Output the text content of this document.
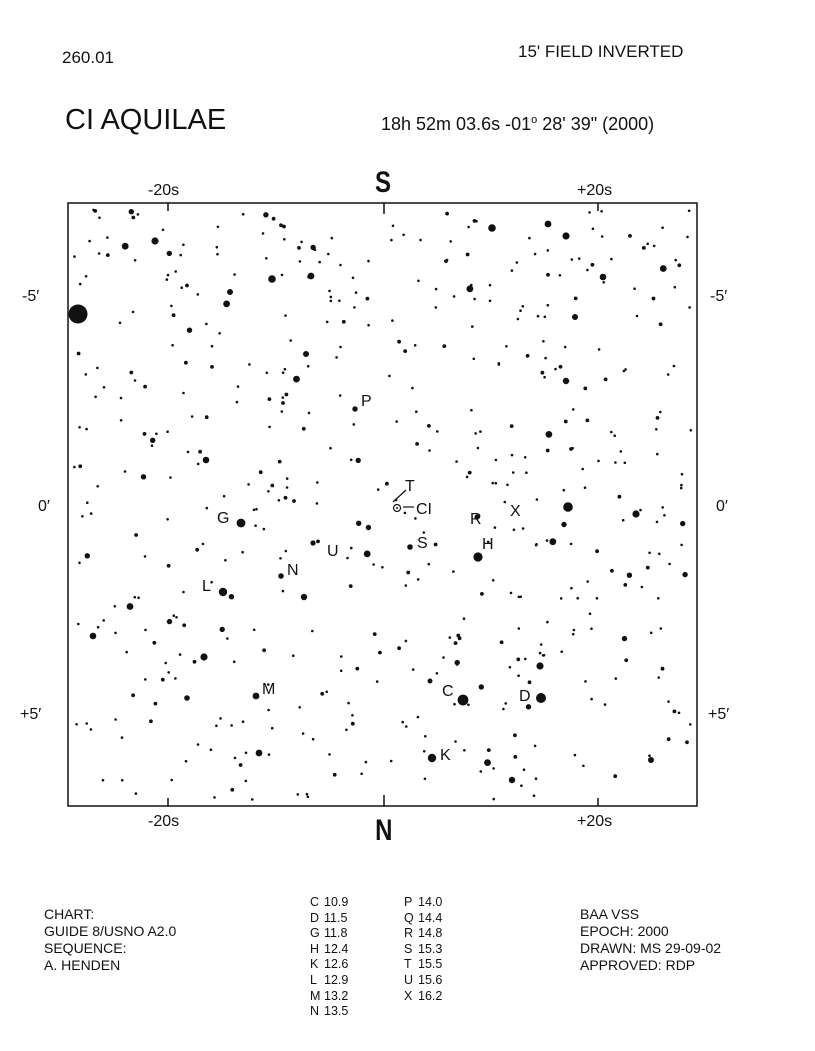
260.01	15' FIELD INVERTED
CI AQUILAE	18h 52m 03.6s -01$^o$ 28' 39" (2000)
CI
P
T
G
U
N
S
R X
H
L
M	C	D
K
S
N
-20s	+20s
-20s	+20s
-5′
0′
+5′
-5′
0′
+5′
CHART:
GUIDE 8/USNO A2.0
SEQUENCE:
A. HENDEN
C 10.9
D 11.5
G 11.8
H 12.4
K 12.6
L 12.9
M 13.2
N 13.5
P 14.0
Q 14.4
R 14.8
S 15.3
T 15.5
U 15.6
X 16.2
BAA VSS
EPOCH: 2000
DRAWN: MS 29-09-02
APPROVED: RDP
